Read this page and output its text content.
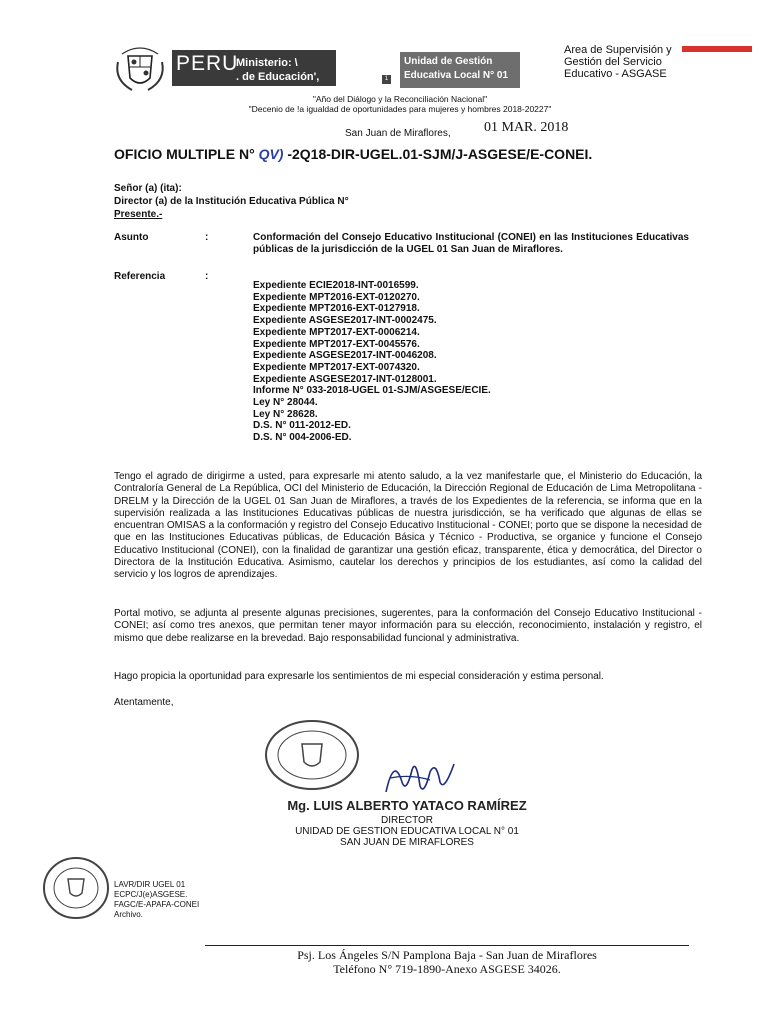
PERU
Ministerio: \
. de Educación',	1
Unidad de Gestión
Educativa Local N° 01
Area de Supervisión y
Gestión del Servicio
Educativo - ASGASE
"Año del Diálogo y la Reconciliación Nacional"
"Decenio de !a igualdad de oportunidades para mujeres y hombres 2018-20227"
San Juan de Miraflores, 01 MAR. 2018
OFICIO MULTIPLE N° QV) -2Q18-DIR-UGEL.01-SJM/J-ASGESE/E-CONEI.
Señor (a) (ita):
Director (a) de la Institución Educativa Pública N°
Presente.-
Asunto	:	Conformación del Consejo Educativo Institucional (CONEI) en las Instituciones Educativas públicas de la jurisdicción de la UGEL 01 San Juan de Miraflores.
Referencia	:
Expediente ECIE2018-INT-0016599.
Expediente MPT2016-EXT-0120270.
Expediente MPT2016-EXT-0127918.
Expediente ASGESE2017-INT-0002475.
Expediente MPT2017-EXT-0006214.
Expediente MPT2017-EXT-0045576.
Expediente ASGESE2017-INT-0046208.
Expediente MPT2017-EXT-0074320.
Expediente ASGESE2017-INT-0128001.
Informe N° 033-2018-UGEL 01-SJM/ASGESE/ECIE.
Ley N° 28044.
Ley N° 28628.
D.S. N° 011-2012-ED.
D.S. N° 004-2006-ED.
Tengo el agrado de dirigirme a usted, para expresarle mi atento saludo, a la vez manifestarle que, el Ministerio do Educación, la Contraloría General de La República, OCI del Ministerio de Educación, la Dirección Regional de Educación de Lima Metropolitana - DRELM y la Dirección de la UGEL 01 San Juan de Miraflores, a través de los Expedientes de la referencia, se informa que en la supervisión realizada a las Instituciones Educativas públicas de nuestra jurisdicción, se ha verificado que algunas de ellas se encuentran OMISAS a la conformación y registro del Consejo Educativo Institucional - CONEI; porto que se dispone la necesidad de que en las Instituciones Educativas públicas, de Educación Básica y Técnico - Productiva, se organice y funcione el Consejo Educativo Institucional (CONEI), con la finalidad de garantizar una gestión eficaz, transparente, ética y democrática, del Director o Directora de la Institución Educativa. Asimismo, cautelar los derechos y principios de los estudiantes, así como la calidad del servicio y los logros de aprendizajes.
Portal motivo, se adjunta al presente algunas precisiones, sugerentes, para la conformación del Consejo Educativo Institucional - CONEI; así como tres anexos, que permitan tener mayor información para su elección, reconocimiento, instalación y registro, el mismo que debe realizarse en la brevedad. Bajo responsabilidad funcional y administrativa.
Hago propicia la oportunidad para expresarle los sentimientos de mi especial consideración y estima personal.
Atentamente,
Mg. LUIS ALBERTO YATACO RAMÍREZ
DIRECTOR
UNIDAD DE GESTION EDUCATIVA LOCAL N° 01
SAN JUAN DE MIRAFLORES
LAVR/DIR UGEL 01
ECPC/J(e)ASGESE.
FAGC/E-APAFA-CONEI
Archivo.
Psj. Los Ángeles S/N Pamplona Baja - San Juan de Miraflores
Teléfono N° 719-1890-Anexo ASGESE 34026.
